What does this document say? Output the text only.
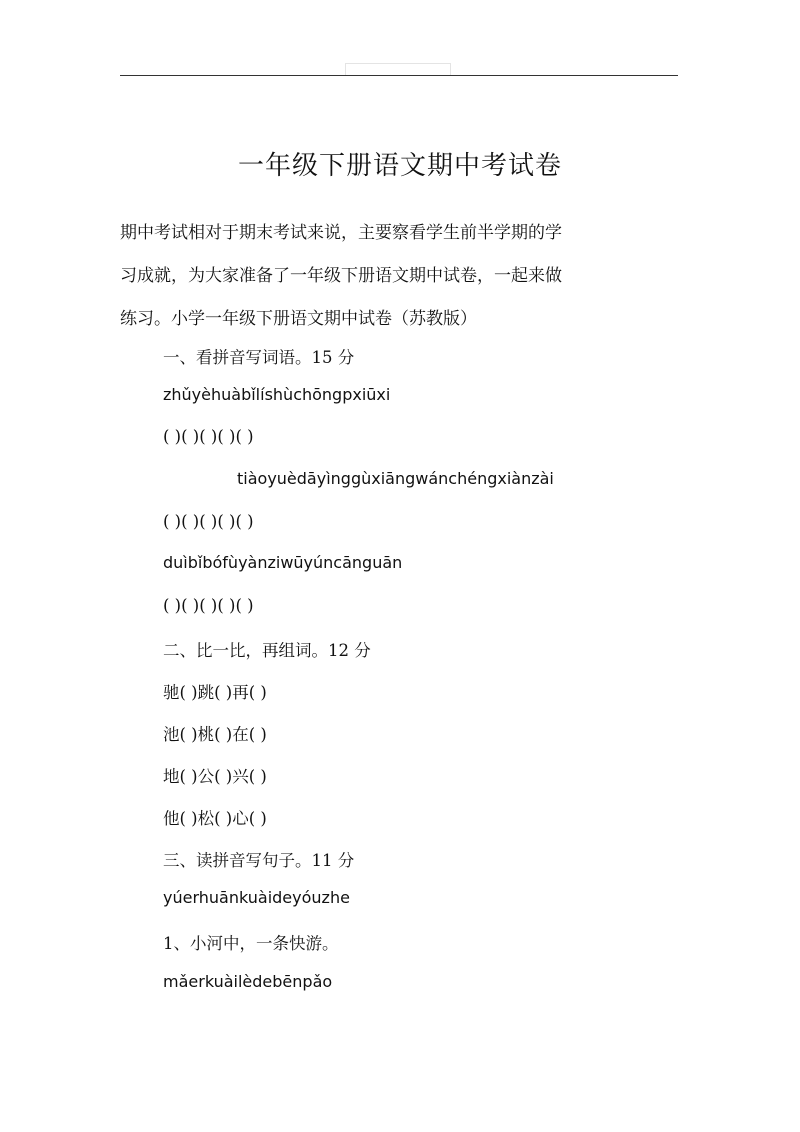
一年级下册语文期中考试卷
期中考试相对于期末考试来说，主要察看学生前半学期的学
习成就，为大家准备了一年级下册语文期中试卷，一起来做
练习。小学一年级下册语文期中试卷（苏教版）
一、看拼音写词语。15 分
zhǔyèhuàbǐlíshùchōngpxiūxi
( )( )( )( )( )
tiàoyuèdāyìnggùxiāngwánchéngxiànzài
( )( )( )( )( )
duìbǐbófùyànziwūyúncānguān
( )( )( )( )( )
二、比一比，再组词。12 分
驰( )跳( )再( )
池( )桃( )在( )
地( )公( )兴( )
他( )松( )心( )
三、读拼音写句子。11 分
yúerhuānkuàideyóuzhe
1、小河中，一条快游。
mǎerkuàilèdebēnpǎo
